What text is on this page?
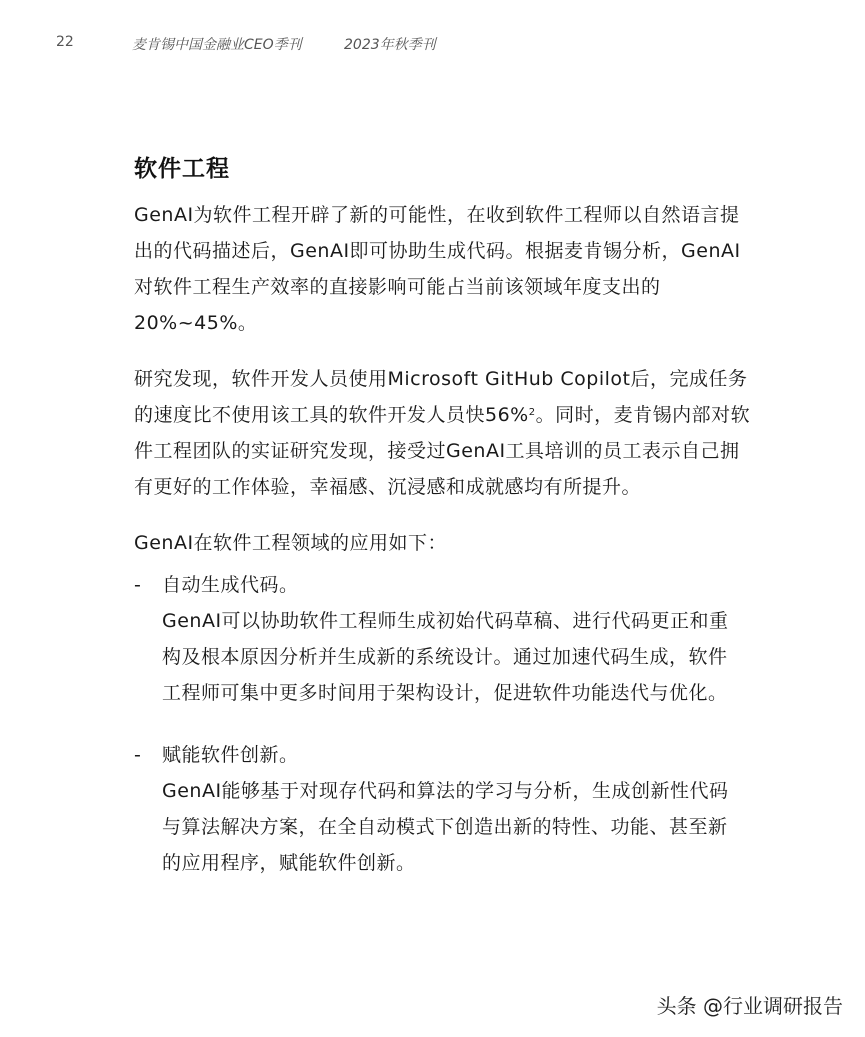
22	麦肯锡中国金融业CEO季刊	2023年秋季刊
软件工程

GenAI为软件工程开辟了新的可能性，在收到软件工程师以自然语言提出的代码描述后，GenAI即可协助生成代码。根据麦肯锡分析，GenAI对软件工程生产效率的直接影响可能占当前该领域年度支出的20%~45%。

研究发现，软件开发人员使用Microsoft GitHub Copilot后，完成任务的速度比不使用该工具的软件开发人员快56%$^2$。同时，麦肯锡内部对软件工程团队的实证研究发现，接受过GenAI工具培训的员工表示自己拥有更好的工作体验，幸福感、沉浸感和成就感均有所提升。

GenAI在软件工程领域的应用如下：

- 自动生成代码。
GenAI可以协助软件工程师生成初始代码草稿、进行代码更正和重构及根本原因分析并生成新的系统设计。通过加速代码生成，软件工程师可集中更多时间用于架构设计，促进软件功能迭代与优化。
- 赋能软件创新。
GenAI能够基于对现存代码和算法的学习与分析，生成创新性代码与算法解决方案，在全自动模式下创造出新的特性、功能、甚至新的应用程序，赋能软件创新。
头条 @行业调研报告
